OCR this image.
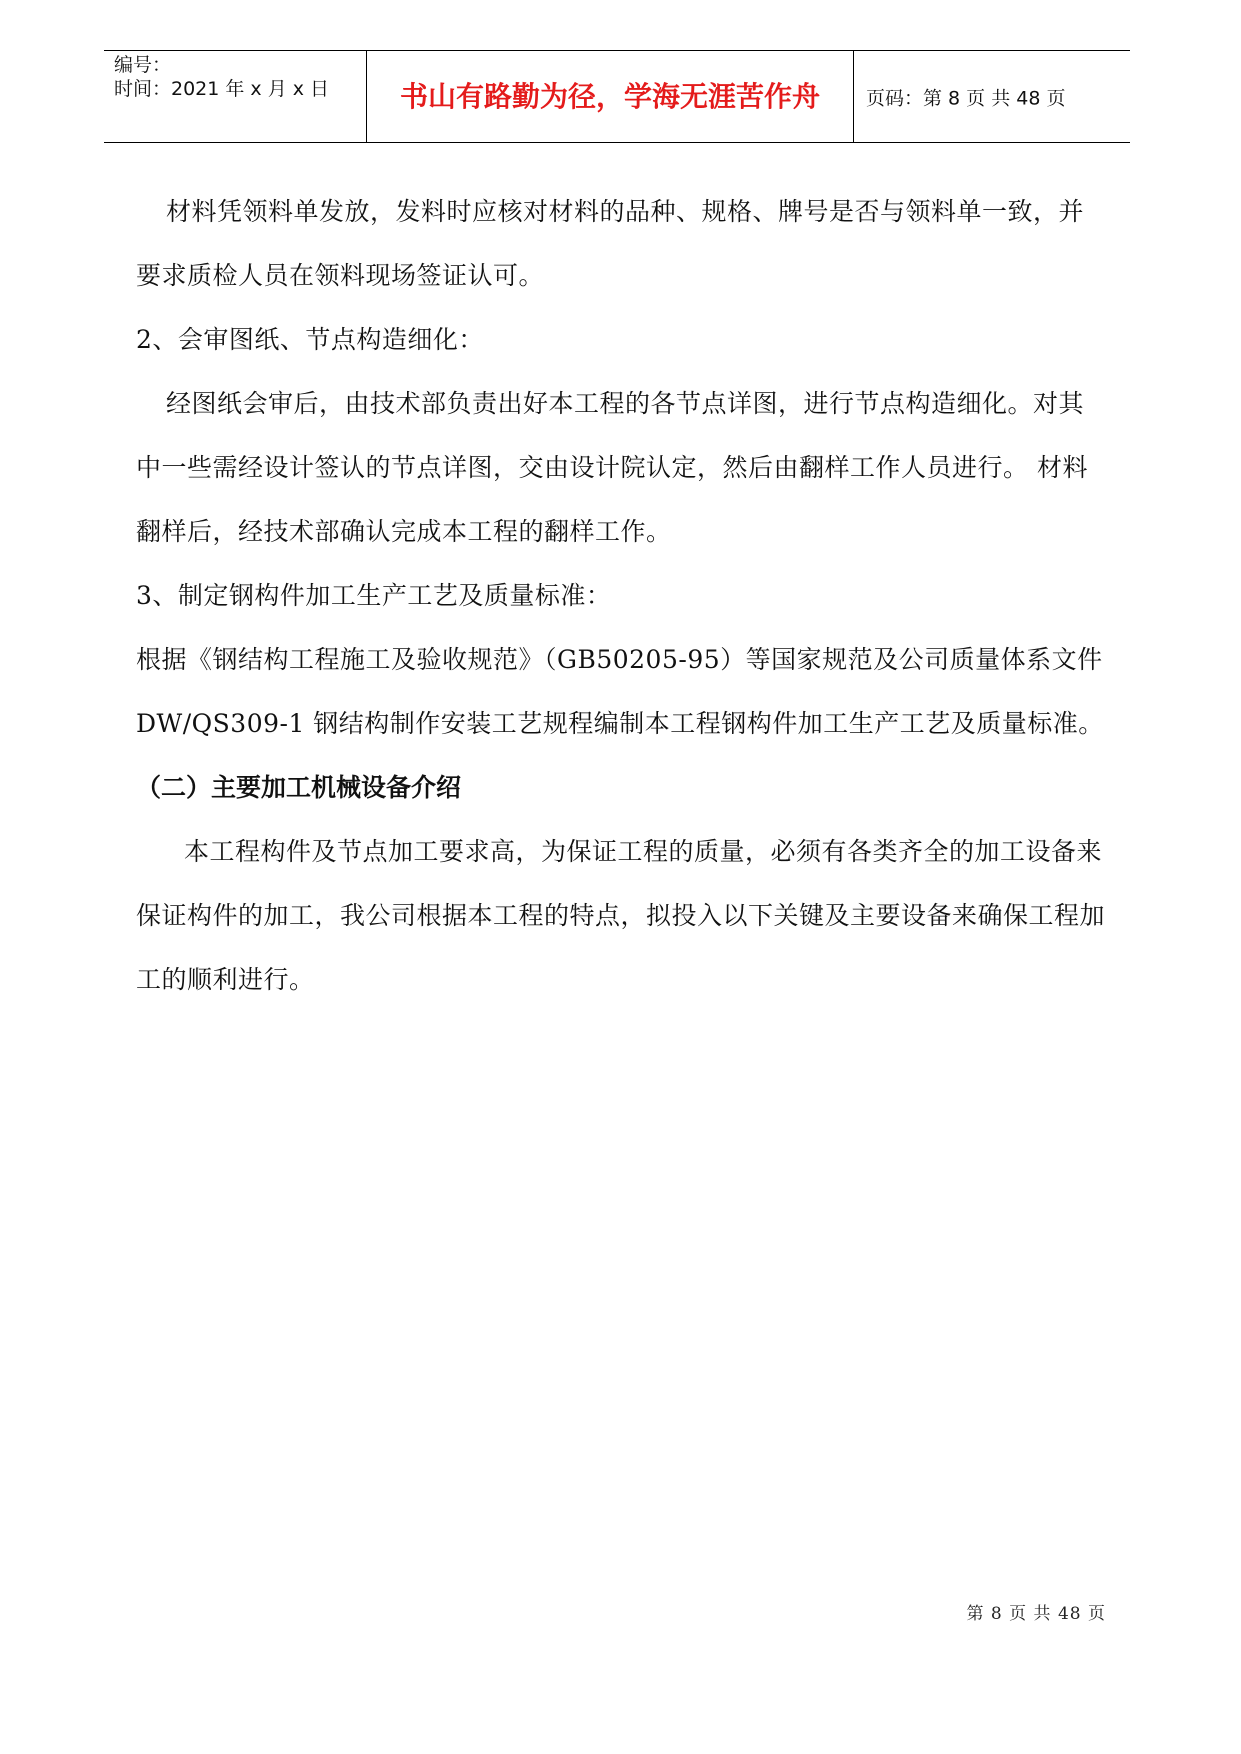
编号：
时间：2021 年 x 月 x 日	书山有路勤为径，学海无涯苦作舟	页码：第 8 页 共 48 页

材料凭领料单发放，发料时应核对材料的品种、规格、牌号是否与领料单一致，并要求质检人员在领料现场签证认可。

2、会审图纸、节点构造细化：

经图纸会审后，由技术部负责出好本工程的各节点详图，进行节点构造细化。对其中一些需经设计签认的节点详图，交由设计院认定，然后由翻样工作人员进行。 材料翻样后，经技术部确认完成本工程的翻样工作。

3、制定钢构件加工生产工艺及质量标准：

根据《钢结构工程施工及验收规范》（GB50205-95）等国家规范及公司质量体系文件 DW/QS309-1 钢结构制作安装工艺规程编制本工程钢构件加工生产工艺及质量标准。

（二）主要加工机械设备介绍

本工程构件及节点加工要求高，为保证工程的质量，必须有各类齐全的加工设备来保证构件的加工，我公司根据本工程的特点，拟投入以下关键及主要设备来确保工程加工的顺利进行。

第 8 页 共 48 页
